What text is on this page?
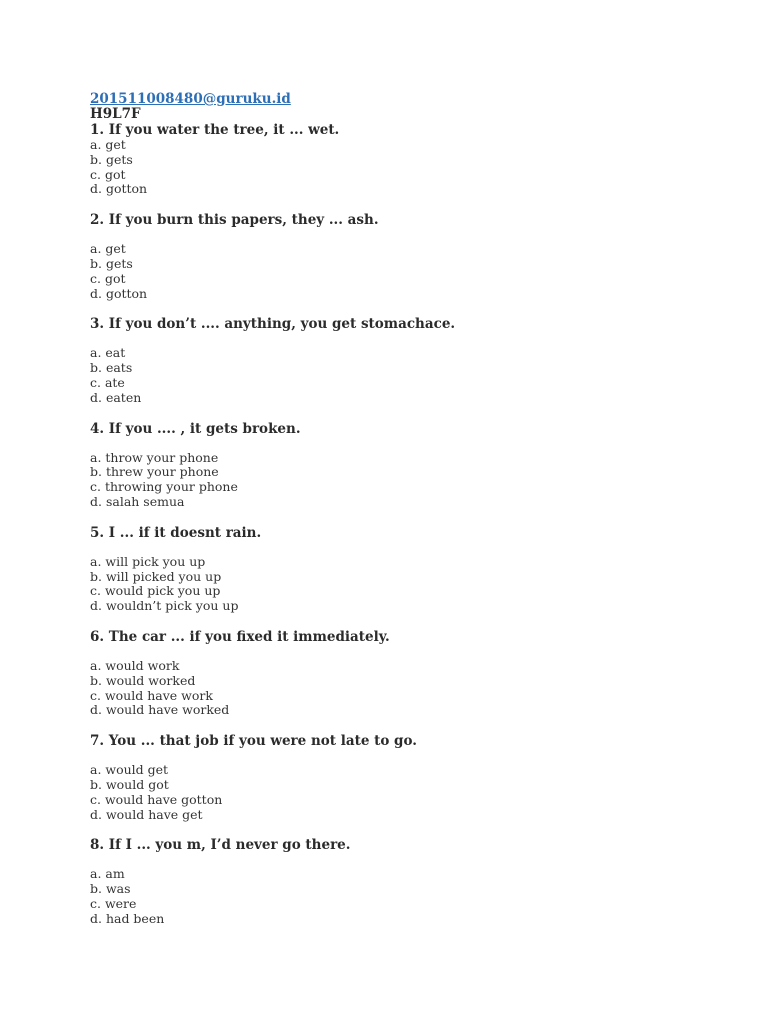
201511008480@guruku.id
H9L7F

1. If you water the tree, it ... wet.

a. get
b. gets
c. got
d. gotton

2. If you burn this papers, they ... ash.

a. get
b. gets
c. got
d. gotton

3. If you don’t .... anything, you get stomachace.

a. eat
b. eats
c. ate
d. eaten

4. If you .... , it gets broken.

a. throw your phone
b. threw your phone
c. throwing your phone
d. salah semua

5. I ... if it doesnt rain.

a. will pick you up
b. will picked you up
c. would pick you up
d. wouldn’t pick you up

6. The car ... if you fixed it immediately.

a. would work
b. would worked
c. would have work
d. would have worked

7. You ... that job if you were not late to go.

a. would get
b. would got
c. would have gotton
d. would have get

8. If I ... you m, I’d never go there.

a. am
b. was
c. were
d. had been
